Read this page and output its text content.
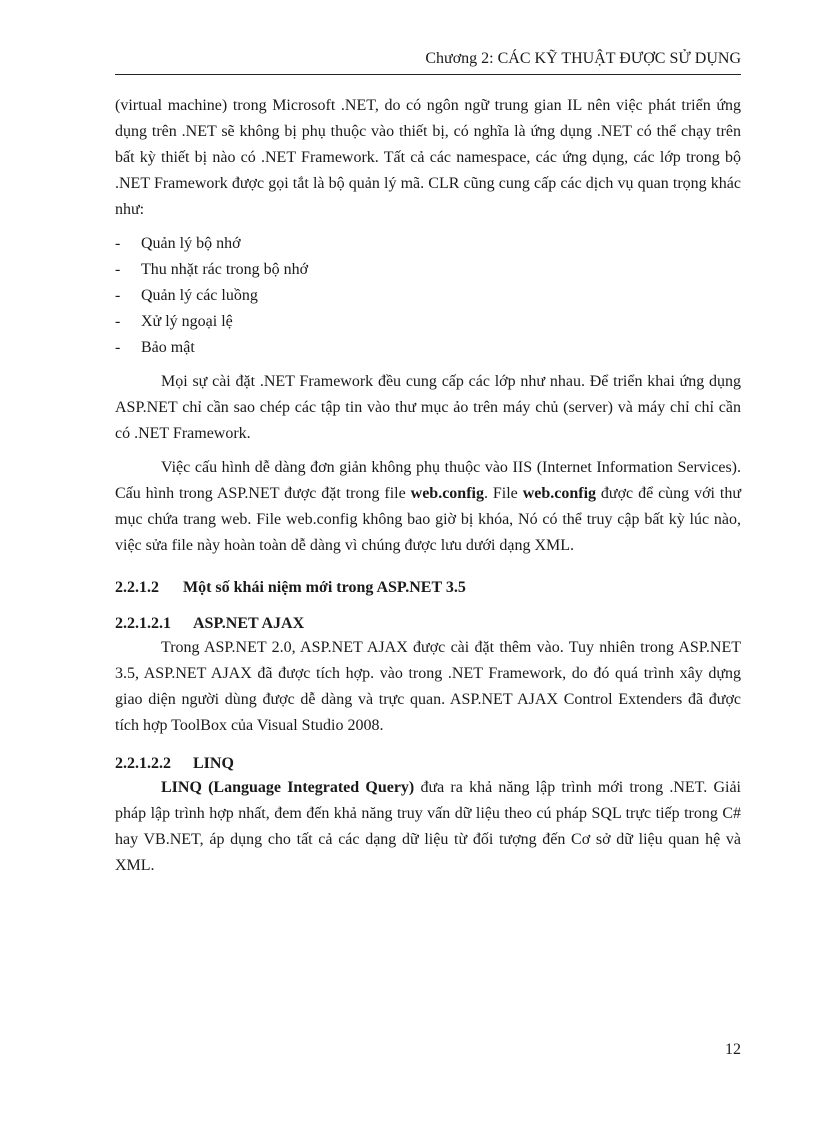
Chương 2: CÁC KỸ THUẬT ĐƯỢC SỬ DỤNG

(virtual machine) trong Microsoft .NET, do có ngôn ngữ trung gian IL nên việc phát triển ứng dụng trên .NET sẽ không bị phụ thuộc vào thiết bị, có nghĩa là ứng dụng .NET có thể chạy trên bất kỳ thiết bị nào có .NET Framework. Tất cả các namespace, các ứng dụng, các lớp trong bộ .NET Framework được gọi tắt là bộ quản lý mã. CLR cũng cung cấp các dịch vụ quan trọng khác như:

- Quản lý bộ nhớ
- Thu nhặt rác trong bộ nhớ
- Quản lý các luồng
- Xử lý ngoại lệ
- Bảo mật

Mọi sự cài đặt .NET Framework đều cung cấp các lớp như nhau. Để triển khai ứng dụng ASP.NET chỉ cần sao chép các tập tin vào thư mục ảo trên máy chủ (server) và máy chỉ chỉ cần có .NET Framework.

Việc cấu hình dễ dàng đơn giản không phụ thuộc vào IIS (Internet Information Services). Cấu hình trong ASP.NET được đặt trong file web.config. File web.config được để cùng với thư mục chứa trang web. File web.config không bao giờ bị khóa, Nó có thể truy cập bất kỳ lúc nào, việc sửa file này hoàn toàn dễ dàng vì chúng được lưu dưới dạng XML.

2.2.1.2 Một số khái niệm mới trong ASP.NET 3.5
2.2.1.2.1 ASP.NET AJAX

Trong ASP.NET 2.0, ASP.NET AJAX được cài đặt thêm vào. Tuy nhiên trong ASP.NET 3.5, ASP.NET AJAX đã được tích hợp. vào trong .NET Framework, do đó quá trình xây dựng giao diện người dùng được dễ dàng và trực quan. ASP.NET AJAX Control Extenders đã được tích hợp ToolBox của Visual Studio 2008.

2.2.1.2.2 LINQ

LINQ (Language Integrated Query) đưa ra khả năng lập trình mới trong .NET. Giải pháp lập trình hợp nhất, đem đến khả năng truy vấn dữ liệu theo cú pháp SQL trực tiếp trong C# hay VB.NET, áp dụng cho tất cả các dạng dữ liệu từ đối tượng đến Cơ sở dữ liệu quan hệ và XML.

12
